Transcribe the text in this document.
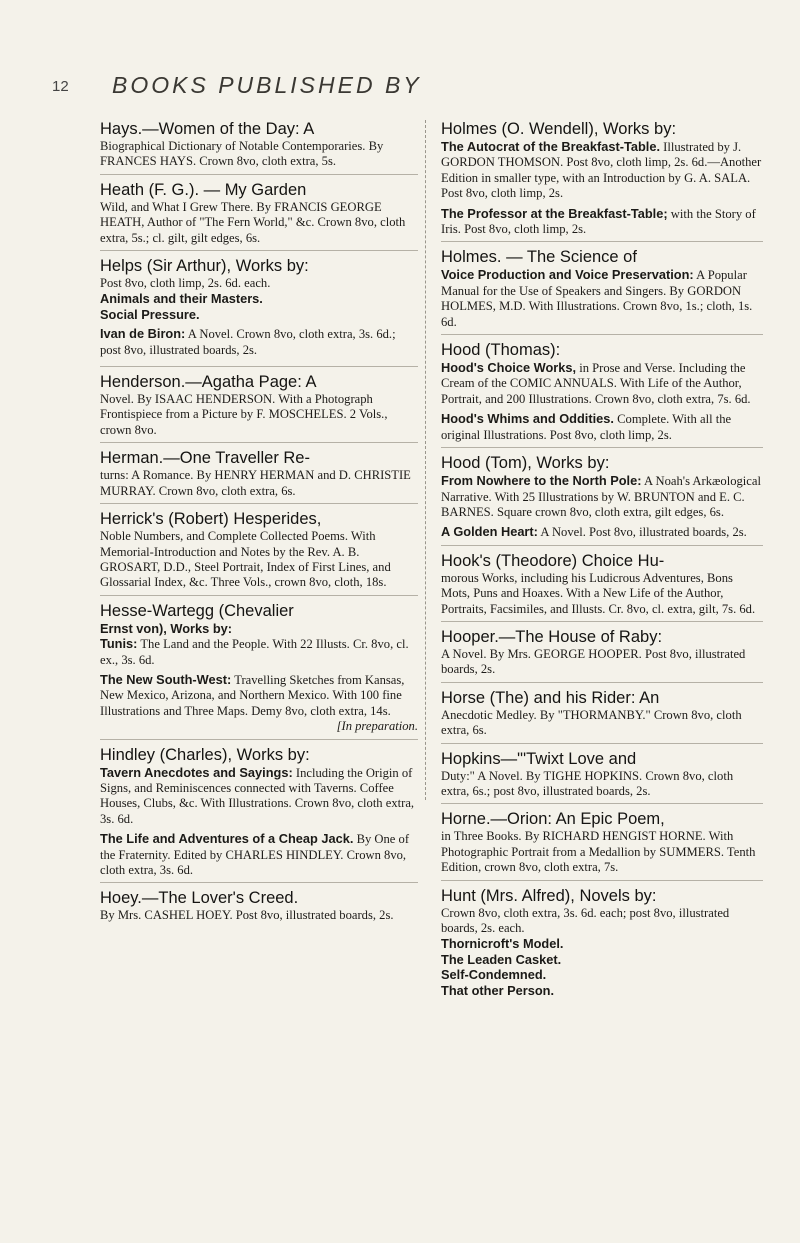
12 BOOKS PUBLISHED BY
Hays.—Women of the Day: A
Biographical Dictionary of Notable Contemporaries. By FRANCES HAYS. Crown 8vo, cloth extra, 5s.
Heath (F. G.). — My Garden
Wild, and What I Grew There. By FRANCIS GEORGE HEATH, Author of "The Fern World," &c. Crown 8vo, cloth extra, 5s.; cl. gilt, gilt edges, 6s.
Helps (Sir Arthur), Works by:
Post 8vo, cloth limp, 2s. 6d. each.
Animals and their Masters.
Social Pressure.
Ivan de Biron: A Novel. Crown 8vo, cloth extra, 3s. 6d.; post 8vo, illustrated boards, 2s.
Henderson.—Agatha Page: A
Novel. By ISAAC HENDERSON. With a Photograph Frontispiece from a Picture by F. MOSCHELES. 2 Vols., crown 8vo.
Herman.—One Traveller Re-
turns: A Romance. By HENRY HERMAN and D. CHRISTIE MURRAY. Crown 8vo, cloth extra, 6s.
Herrick's (Robert) Hesperides,
Noble Numbers, and Complete Collected Poems. With Memorial-Introduction and Notes by the Rev. A. B. GROSART, D.D., Steel Portrait, Index of First Lines, and Glossarial Index, &c. Three Vols., crown 8vo, cloth, 18s.
Hesse-Wartegg (Chevalier
Ernst von), Works by:
Tunis: The Land and the People. With 22 Illusts. Cr. 8vo, cl. ex., 3s. 6d.
The New South-West: Travelling Sketches from Kansas, New Mexico, Arizona, and Northern Mexico. With 100 fine Illustrations and Three Maps. Demy 8vo, cloth extra, 14s.
[In preparation.
Hindley (Charles), Works by:
Tavern Anecdotes and Sayings: Including the Origin of Signs, and Reminiscences connected with Taverns. Coffee Houses, Clubs, &c. With Illustrations. Crown 8vo, cloth extra, 3s. 6d.
The Life and Adventures of a Cheap Jack. By One of the Fraternity. Edited by CHARLES HINDLEY. Crown 8vo, cloth extra, 3s. 6d.
Hoey.—The Lover's Creed.
By Mrs. CASHEL HOEY. Post 8vo, illustrated boards, 2s.
Holmes (O. Wendell), Works by:
The Autocrat of the Breakfast-Table. Illustrated by J. GORDON THOMSON. Post 8vo, cloth limp, 2s. 6d.—Another Edition in smaller type, with an Introduction by G. A. SALA. Post 8vo, cloth limp, 2s.
The Professor at the Breakfast-Table; with the Story of Iris. Post 8vo, cloth limp, 2s.
Holmes. — The Science of
Voice Production and Voice Preservation: A Popular Manual for the Use of Speakers and Singers. By GORDON HOLMES, M.D. With Illustrations. Crown 8vo, 1s.; cloth, 1s. 6d.
Hood (Thomas):
Hood's Choice Works, in Prose and Verse. Including the Cream of the COMIC ANNUALS. With Life of the Author, Portrait, and 200 Illustrations. Crown 8vo, cloth extra, 7s. 6d.
Hood's Whims and Oddities. Complete. With all the original Illustrations. Post 8vo, cloth limp, 2s.
Hood (Tom), Works by:
From Nowhere to the North Pole: A Noah's Arkæological Narrative. With 25 Illustrations by W. BRUNTON and E. C. BARNES. Square crown 8vo, cloth extra, gilt edges, 6s.
A Golden Heart: A Novel. Post 8vo, illustrated boards, 2s.
Hook's (Theodore) Choice Hu-
morous Works, including his Ludicrous Adventures, Bons Mots, Puns and Hoaxes. With a New Life of the Author, Portraits, Facsimiles, and Illusts. Cr. 8vo, cl. extra, gilt, 7s. 6d.
Hooper.—The House of Raby:
A Novel. By Mrs. GEORGE HOOPER. Post 8vo, illustrated boards, 2s.
Horse (The) and his Rider: An
Anecdotic Medley. By "THORMANBY." Crown 8vo, cloth extra, 6s.
Hopkins—"'Twixt Love and
Duty:" A Novel. By TIGHE HOPKINS. Crown 8vo, cloth extra, 6s.; post 8vo, illustrated boards, 2s.
Horne.—Orion: An Epic Poem,
in Three Books. By RICHARD HENGIST HORNE. With Photographic Portrait from a Medallion by SUMMERS. Tenth Edition, crown 8vo, cloth extra, 7s.
Hunt (Mrs. Alfred), Novels by:
Crown 8vo, cloth extra, 3s. 6d. each; post 8vo, illustrated boards, 2s. each.
Thornicroft's Model.
The Leaden Casket.
Self-Condemned.
That other Person.
